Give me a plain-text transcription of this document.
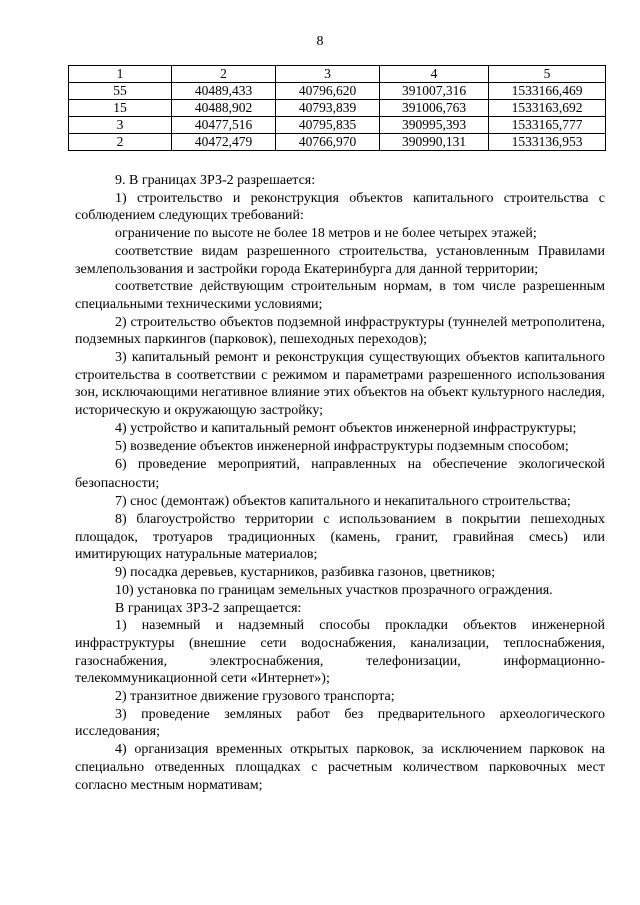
8
1	2	3	4	5
55	40489,433	40796,620	391007,316	1533166,469
15	40488,902	40793,839	391006,763	1533163,692
3	40477,516	40795,835	390995,393	1533165,777
2	40472,479	40766,970	390990,131	1533136,953

9. В границах ЗРЗ-2 разрешается:

1) строительство и реконструкция объектов капитального строительства с соблюдением следующих требований:

ограничение по высоте не более 18 метров и не более четырех этажей;

соответствие видам разрешенного строительства, установленным Правилами землепользования и застройки города Екатеринбурга для данной территории;

соответствие действующим строительным нормам, в том числе разрешенным специальными техническими условиями;

2) строительство объектов подземной инфраструктуры (туннелей метрополитена, подземных паркингов (парковок), пешеходных переходов);

3) капитальный ремонт и реконструкция существующих объектов капитального строительства в соответствии с режимом и параметрами разрешенного использования зон, исключающими негативное влияние этих объектов на объект культурного наследия, историческую и окружающую застройку;

4) устройство и капитальный ремонт объектов инженерной инфраструктуры;

5) возведение объектов инженерной инфраструктуры подземным способом;

6) проведение мероприятий, направленных на обеспечение экологической безопасности;

7) снос (демонтаж) объектов капитального и некапитального строительства;

8) благоустройство территории с использованием в покрытии пешеходных площадок, тротуаров традиционных (камень, гранит, гравийная смесь) или имитирующих натуральные материалов;

9) посадка деревьев, кустарников, разбивка газонов, цветников;

10) установка по границам земельных участков прозрачного ограждения.

В границах ЗРЗ-2 запрещается:

1) наземный и надземный способы прокладки объектов инженерной инфраструктуры (внешние сети водоснабжения, канализации, теплоснабжения, газоснабжения, электроснабжения, телефонизации, информационно-телекоммуникационной сети «Интернет»);

2) транзитное движение грузового транспорта;

3) проведение земляных работ без предварительного археологического исследования;

4) организация временных открытых парковок, за исключением парковок на специально отведенных площадках с расчетным количеством парковочных мест согласно местным нормативам;
